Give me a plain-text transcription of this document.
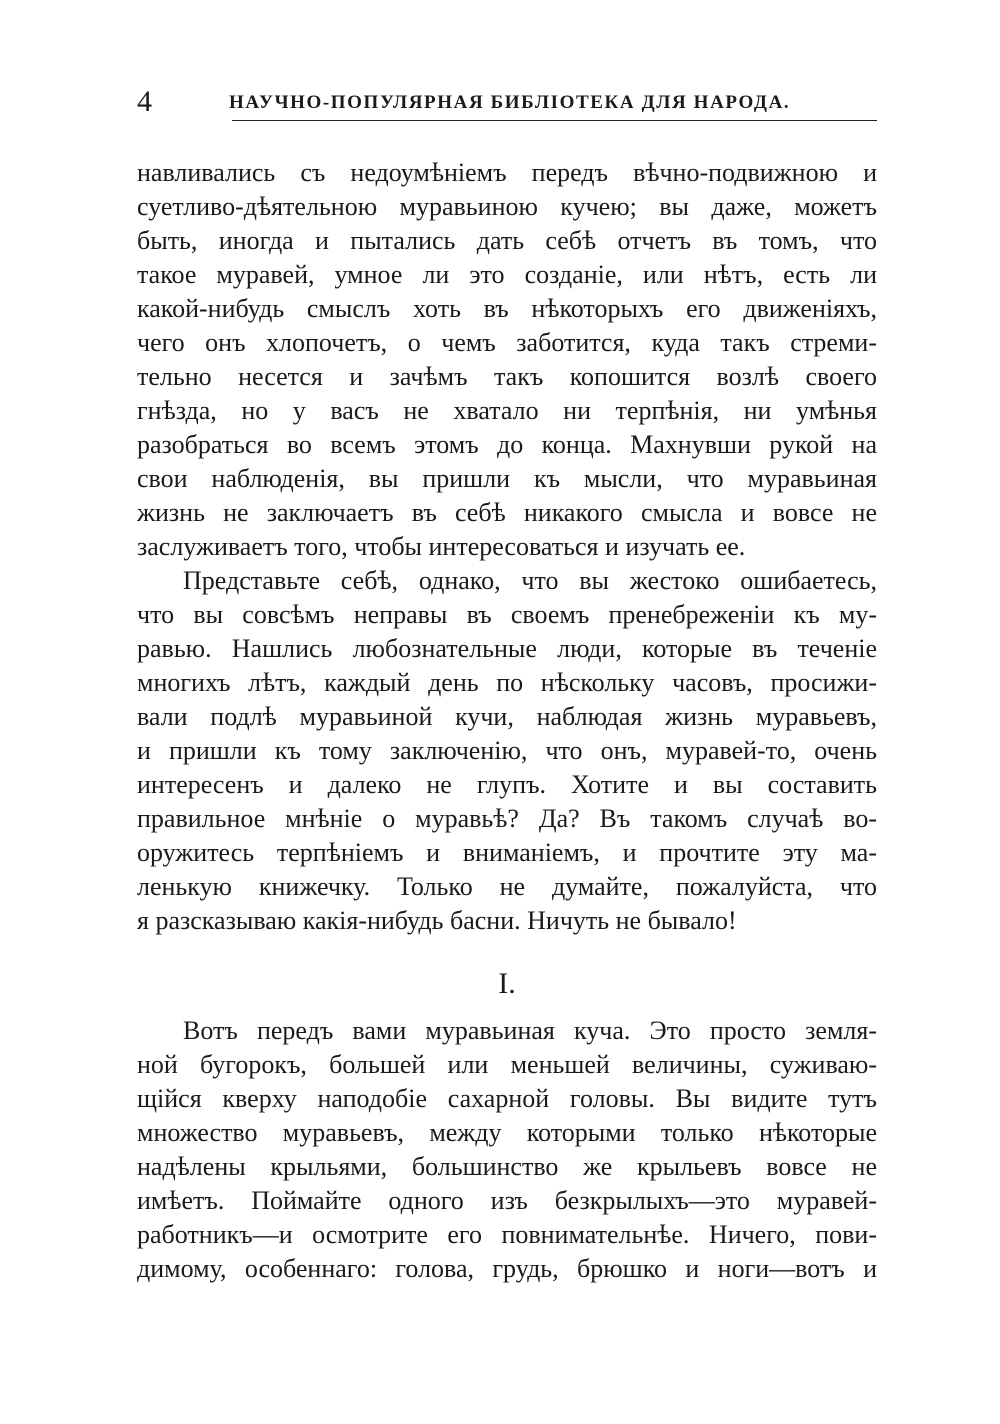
4	НАУЧНО-ПОПУЛЯРНАЯ БИБЛIОТЕКА ДЛЯ НАРОДА.
навливались съ недоумѣнiемъ передъ вѣчно-подвижною и
суетливо-дѣятельною муравьиною кучею; вы даже, можетъ
быть, иногда и пытались дать себѣ отчетъ въ томъ, что
такое муравей, умное ли это созданiе, или нѣтъ, есть ли
какой-нибудь смыслъ хоть въ нѣкоторыхъ его движенiяхъ,
чего онъ хлопочетъ, о чемъ заботится, куда такъ стреми-
тельно несется и зачѣмъ такъ копошится возлѣ своего
гнѣзда, но у васъ не хватало ни терпѣнiя, ни умѣнья
разобраться во всемъ этомъ до конца. Махнувши рукой на
свои наблюденiя, вы пришли къ мысли, что муравьиная
жизнь не заключаетъ въ себѣ никакого смысла и вовсе не
заслуживаетъ того, чтобы интересоваться и изучать ее.
Представьте себѣ, однако, что вы жестоко ошибаетесь,
что вы совсѣмъ неправы въ своемъ пренебреженiи къ му-
равью. Нашлись любознательные люди, которые въ теченiе
многихъ лѣтъ, каждый день по нѣскольку часовъ, просижи-
вали подлѣ муравьиной кучи, наблюдая жизнь муравьевъ,
и пришли къ тому заключенiю, что онъ, муравей-то, очень
интересенъ и далеко не глупъ. Хотите и вы составить
правильное мнѣнiе о муравьѣ? Да? Въ такомъ случаѣ во-
оружитесь терпѣнiемъ и вниманiемъ, и прочтите эту ма-
ленькую книжечку. Только не думайте, пожалуйста, что
я разсказываю какiя-нибудь басни. Ничуть не бывало!
I.
Вотъ передъ вами муравьиная куча. Это просто земля-
ной бугорокъ, большей или меньшей величины, суживаю-
щiйся кверху наподобiе сахарной головы. Вы видите тутъ
множество муравьевъ, между которыми только нѣкоторые
надѣлены крыльями, большинство же крыльевъ вовсе не
имѣетъ. Поймайте одного изъ безкрылыхъ—это муравей-
работникъ—и осмотрите его повнимательнѣе. Ничего, пови-
димому, особеннаго: голова, грудь, брюшко и ноги—вотъ и
